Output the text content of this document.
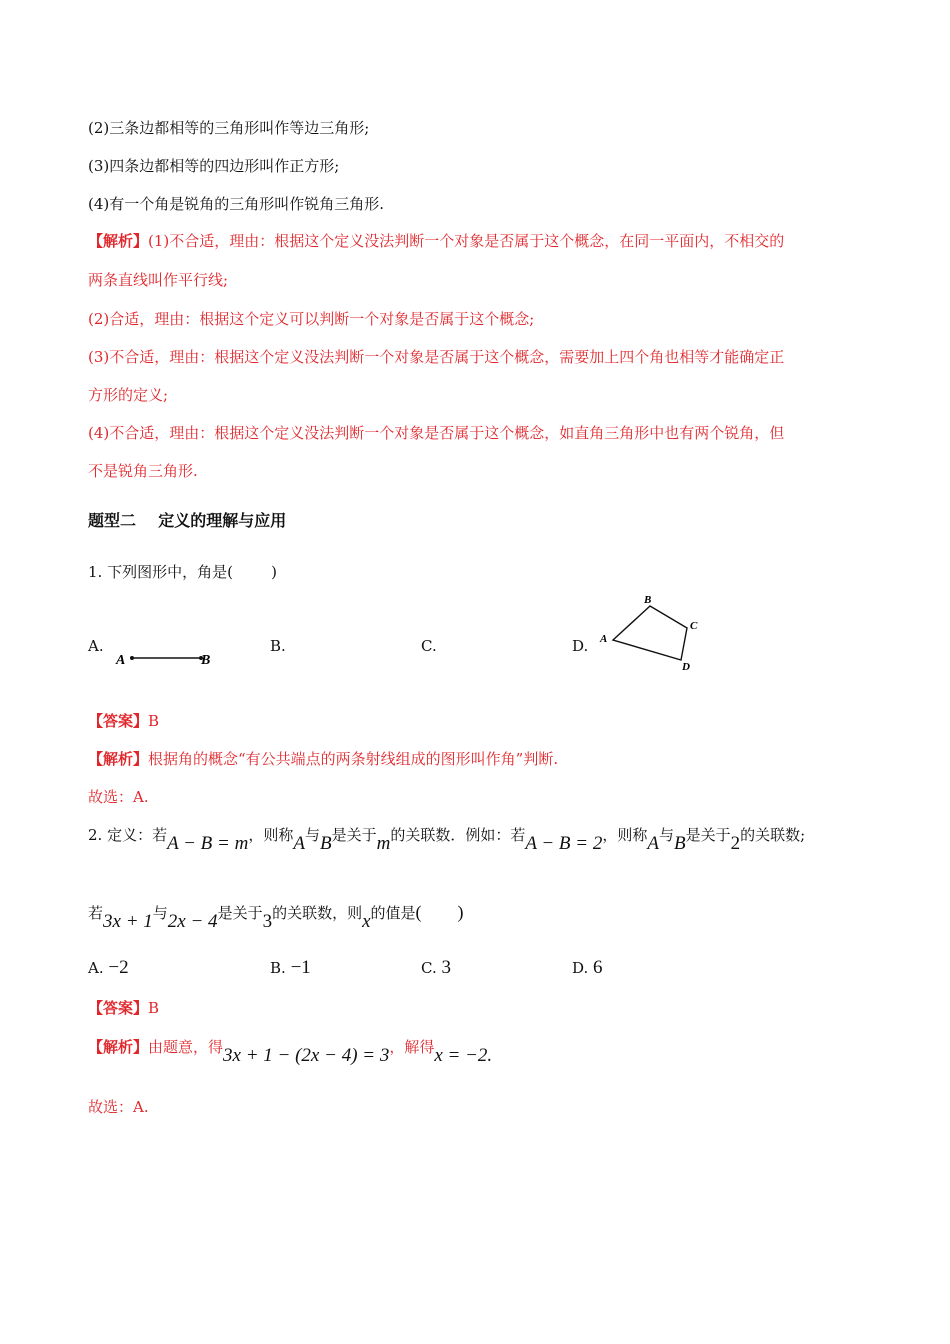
(2)三条边都相等的三角形叫作等边三角形;
(3)四条边都相等的四边形叫作正方形;
(4)有一个角是锐角的三角形叫作锐角三角形.
【解析】(1)不合适，理由：根据这个定义没法判断一个对象是否属于这个概念，在同一平面内，不相交的
两条直线叫作平行线;
(2)合适，理由：根据这个定义可以判断一个对象是否属于这个概念;
(3)不合适，理由：根据这个定义没法判断一个对象是否属于这个概念，需要加上四个角也相等才能确定正
方形的定义;
(4)不合适，理由：根据这个定义没法判断一个对象是否属于这个概念，如直角三角形中也有两个锐角，但
不是锐角三角形.
题型二    定义的理解与应用
1. 下列图形中，角是(        )
A.
A	B
B.	C.	D. A
B
C
D
【答案】B
【解析】根据角的概念“有公共端点的两条射线组成的图形叫作角”判断.
故选：A.
2. 定义：若A − B = m，则称A与B是关于m的关联数．例如：若A − B = 2，则称A与B是关于2的关联数;
若3x + 1与2x − 4是关于3的关联数，则x的值是(        )
A. −2	B. −1	C. 3	D. 6
【答案】B
【解析】由题意，得3x + 1 − (2x − 4) = 3，解得x = −2.
故选：A.
